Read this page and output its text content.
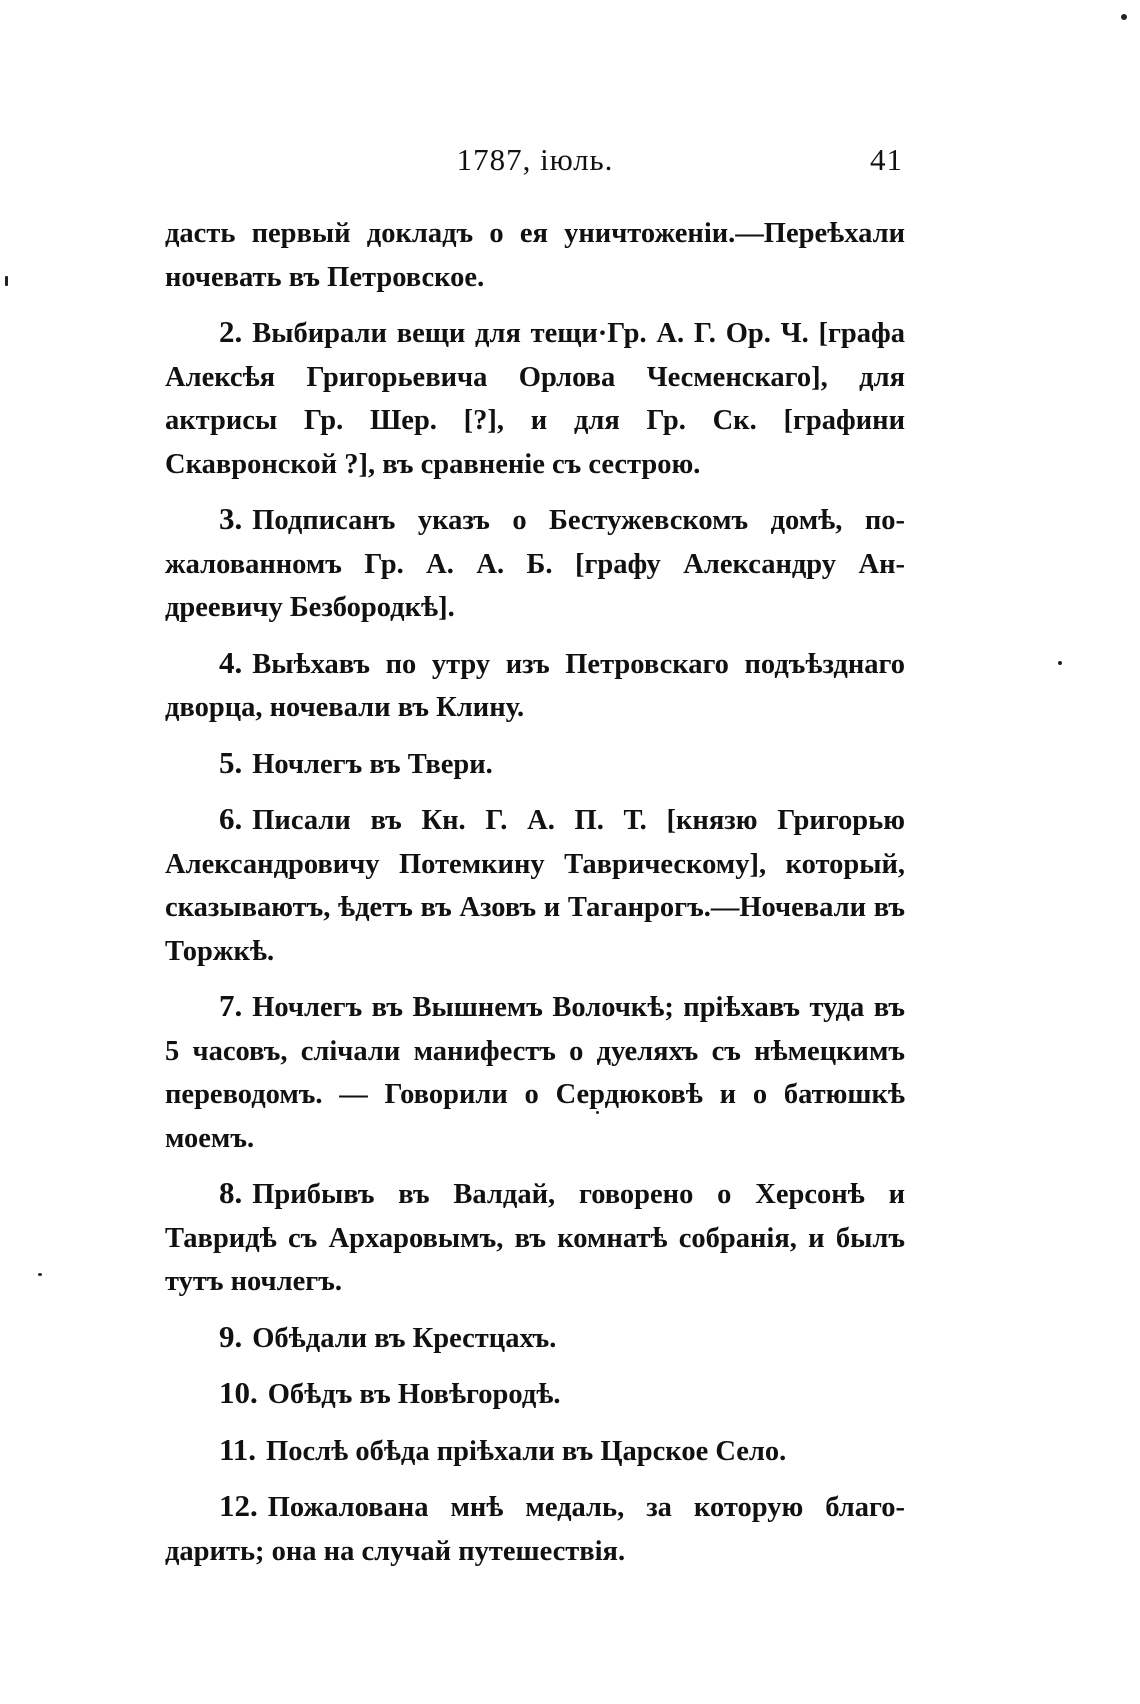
1787, іюль.	41

дасть первый докладъ о ея уничтоженіи.—Переѣхали ночевать въ Петровское.

2. Выбирали вещи для тещи·Гр. А. Г. Ор. Ч. [графа Алексѣя Григорьевича Орлова Чесменскаго], для актрисы Гр. Шер. [?], и для Гр. Ск. [графини Скавронской ?], въ сравненіе съ сестрою.

3. Подписанъ указъ о Бестужевскомъ домѣ, пожалованномъ Гр. А. А. Б. [графу Александру Андреевичу Безбородкѣ].

4. Выѣхавъ по утру изъ Петровскаго подъѣзднаго дворца, ночевали въ Клину.

5. Ночлегъ въ Твери.

6. Писали въ Кн. Г. А. П. Т. [князю Григорью Александровичу Потемкину Таврическому], который, сказываютъ, ѣдетъ въ Азовъ и Таганрогъ.—Ночевали въ Торжкѣ.

7. Ночлегъ въ Вышнемъ Волочкѣ; пріѣхавъ туда въ 5 часовъ, слічали манифестъ о дуеляхъ съ нѣмецкимъ переводомъ. — Говорили о Сердюковѣ и о батюшкѣ моемъ.

8. Прибывъ въ Валдай, говорено о Херсонѣ и Тавридѣ съ Архаровымъ, въ комнатѣ собранія, и былъ тутъ ночлегъ.

9. Обѣдали въ Крестцахъ.

10. Обѣдъ въ Новѣгородѣ.

11. Послѣ обѣда пріѣхали въ Царское Село.

12. Пожалована мнѣ медаль, за которую благодарить; она на случай путешествія.
